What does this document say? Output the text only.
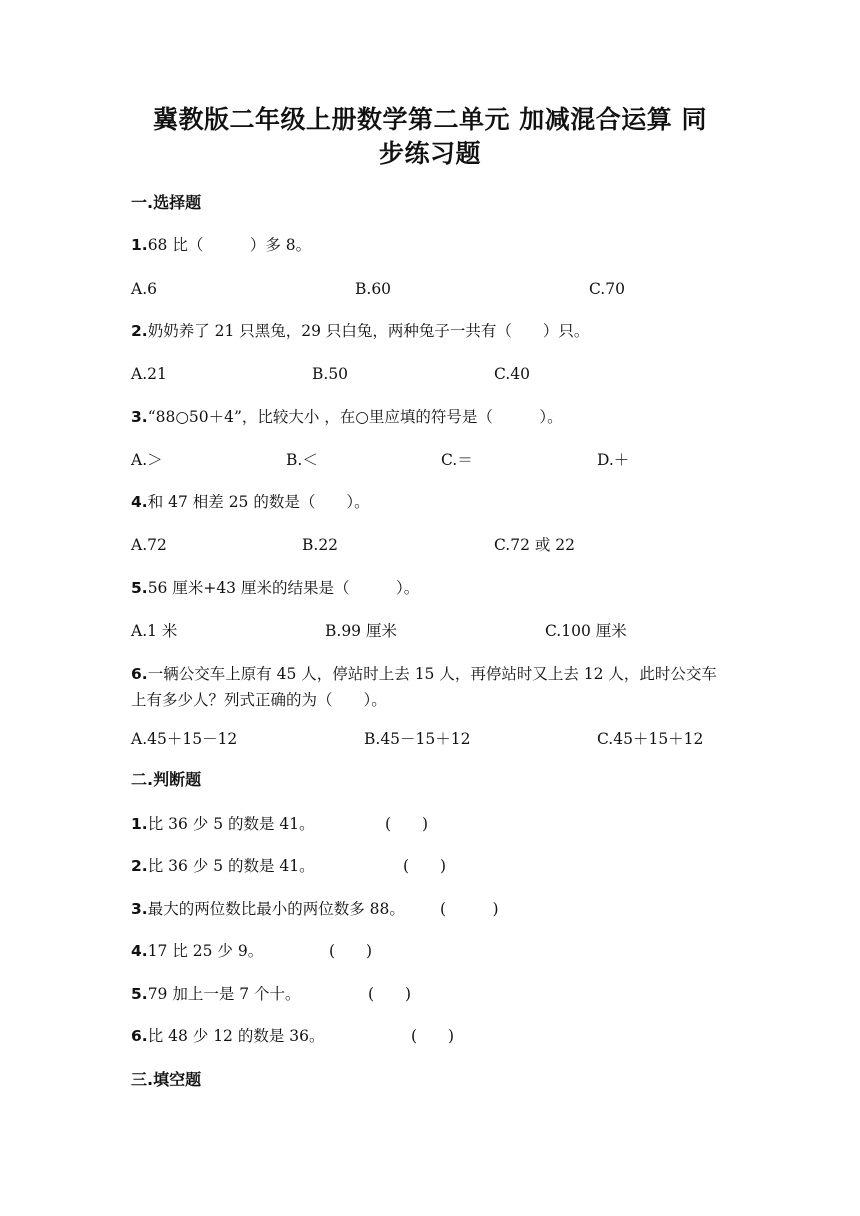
冀教版二年级上册数学第二单元 加减混合运算 同
步练习题
一.选择题
1.68 比（　　　）多 8。
A.6	B.60	C.70
2.奶奶养了 21 只黑兔，29 只白兔，两种兔子一共有（　　）只。
A.21	B.50	C.40
3.“88○50＋4”，比较大小 ，在○里应填的符号是（　　　）。
A.＞	B.＜	C.＝	D.＋
4.和 47 相差 25 的数是（　　）。
A.72	B.22	C.72 或 22
5.56 厘米+43 厘米的结果是（　　　）。
A.1 米	B.99 厘米	C.100 厘米
6.一辆公交车上原有 45 人，停站时上去 15 人，再停站时又上去 12 人，此时公交车上有多少人？列式正确的为（　　）。
A.45＋15－12	B.45－15＋12	C.45＋15＋12
二.判断题
1.比 36 少 5 的数是 41。	(　　)
2.比 36 少 5 的数是 41。	(　　)
3.最大的两位数比最小的两位数多 88。 (　　　)
4.17 比 25 少 9。	(　　)
5.79 加上一是 7 个十。	(　　)
6.比 48 少 12 的数是 36。	(　　)
三.填空题
